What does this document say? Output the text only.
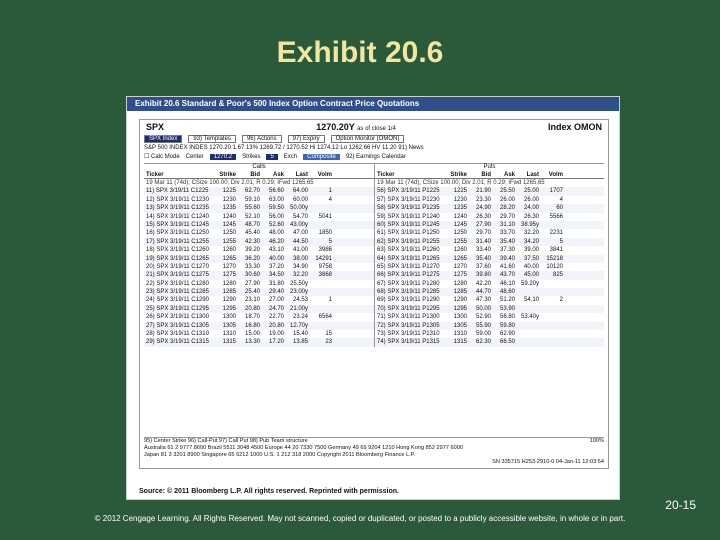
Exhibit 20.6
Exhibit 20.6 Standard & Poor's 500 Index Option Contract Price Quotations
SPX	1270.20Y as of close 1/4	Index OMON
SPX Index	93) Templates	96) Actions	97) Expiry	Option Monitor (OMON)
S&P 500 INDEX INDES 1270.20 1.67 13% 1269.72 / 1270.52 Hi 1274.12 Lo 1262.66 HV 11.20 91) News
☐ Calc Mode Center	1270.2	Strikes	5	Exch	Composite	92) Earnings Calendar
Calls
Ticker	Strike	Bid	Ask	Last	Volm
19 Mar 11 (74d); CSize 100.00; Div 2.01; R 0.29; IFwd 1265.65
11) SPX 3/19/11 C1225	1225	62.70	56.60	64.00	1
12) SPX 3/19/11 C1230	1230	59.10	63.00	60.00	4
13) SPX 3/19/11 C1235	1235	55.60	59.50 50.00y
14) SPX 3/19/11 C1240	1240	52.10	56.00	54.70	5041
15) SPX 3/19/11 C1245	1245	48.70	52.60 43.00y
16) SPX 3/19/11 C1250	1250	45.40	48.00	47.00	1850
17) SPX 3/19/11 C1255	1255	42.30	46.20	44.50	5
18) SPX 3/19/11 C1260	1260	39.20	43.10	41.00	3986
19) SPX 3/19/11 C1265	1265	36.20	40.00	38.00	14291
20) SPX 3/19/11 C1270	1270	33.30	37.20	34.90	9758
21) SPX 3/19/11 C1275	1275	30.60	34.50	32.20	3868
22) SPX 3/19/11 C1280	1280	27.90	31.80 25.50y
23) SPX 3/19/11 C1285	1285	25.40	29.40 23.00y
24) SPX 3/19/11 C1290	1290	23.10	27.00	24.53	1
25) SPX 3/19/11 C1295	1295	20.80	24.70 21.00y
26) SPX 3/19/11 C1300	1300	18.70	22.70	23.24	6564
27) SPX 3/19/11 C1305	1305	16.80	20.80 12.70y
28) SPX 3/19/11 C1310	1310	15.00	19.00	15.40	15
29) SPX 3/19/11 C1315	1315	13.30	17.20	13.85	23
Puts
Ticker	Strike	Bid	Ask	Last	Volm
19 Mar 11 (74d); CSize 100.00; Div 2.01; R 0.29; IFwd 1265.65
56) SPX 3/19/11 P1225	1225	21.90	25.50	25.00	1707
57) SPX 3/19/11 P1230	1230	23.30	26.00	26.00	4
58) SPX 3/19/11 P1235	1235	24.90	28.20	24.00	60
59) SPX 3/19/11 P1240	1240	26.30	29.70	26.30	5566
60) SPX 3/19/11 P1245	1245	27.90	31.10 38.95y
61) SPX 3/19/11 P1250	1250	29.70	33.70	32.20	2231
62) SPX 3/19/11 P1255	1255	31.40	35.40	34.20	5
63) SPX 3/19/11 P1260	1260	33.40	37.30	39.00	3841
64) SPX 3/19/11 P1265	1265	35.40	39.40	37.50	15218
65) SPX 3/19/11 P1270	1270	37.60	41.60	40.00	10120
66) SPX 3/19/11 P1275	1275	39.80	43.70	45.00	825
67) SPX 3/19/11 P1280	1280	42.20	46.10 59.20y
68) SPX 3/19/11 P1285	1285	44.70	48.60
69) SPX 3/19/11 P1290	1290	47.30	51.20	54.10	2
70) SPX 3/19/11 P1295	1295	50.00	53.90
71) SPX 3/19/11 P1300	1300	52.90	56.80 53.40y
72) SPX 3/19/11 P1305	1305	55.90	59.80
73) SPX 3/19/11 P1310	1310	59.00	62.90
74) SPX 3/19/11 P1315	1315	62.30	66.50
95) Center Strike 96) Call-Put 97) Call Put 98) Pub Team structure	100%
Australia 61 2 9777 8600 Brazil 5511 3048 4500 Europe 44 20 7330 7500 Germany 49 69 9204 1210 Hong Kong 852 2977 6000
Japan 81 3 3201 8900 Singapore 65 6212 1000 U.S. 1 212 318 2000 Copyright 2011 Bloomberg Finance L.P.
SN 335715 H253-2910-0 04-Jan-11 12:03:54
Source: © 2011 Bloomberg L.P. All rights reserved. Reprinted with permission.
20-15
© 2012 Cengage Learning. All Rights Reserved. May not scanned, copied or duplicated, or posted to a publicly accessible website, in whole or in part.
